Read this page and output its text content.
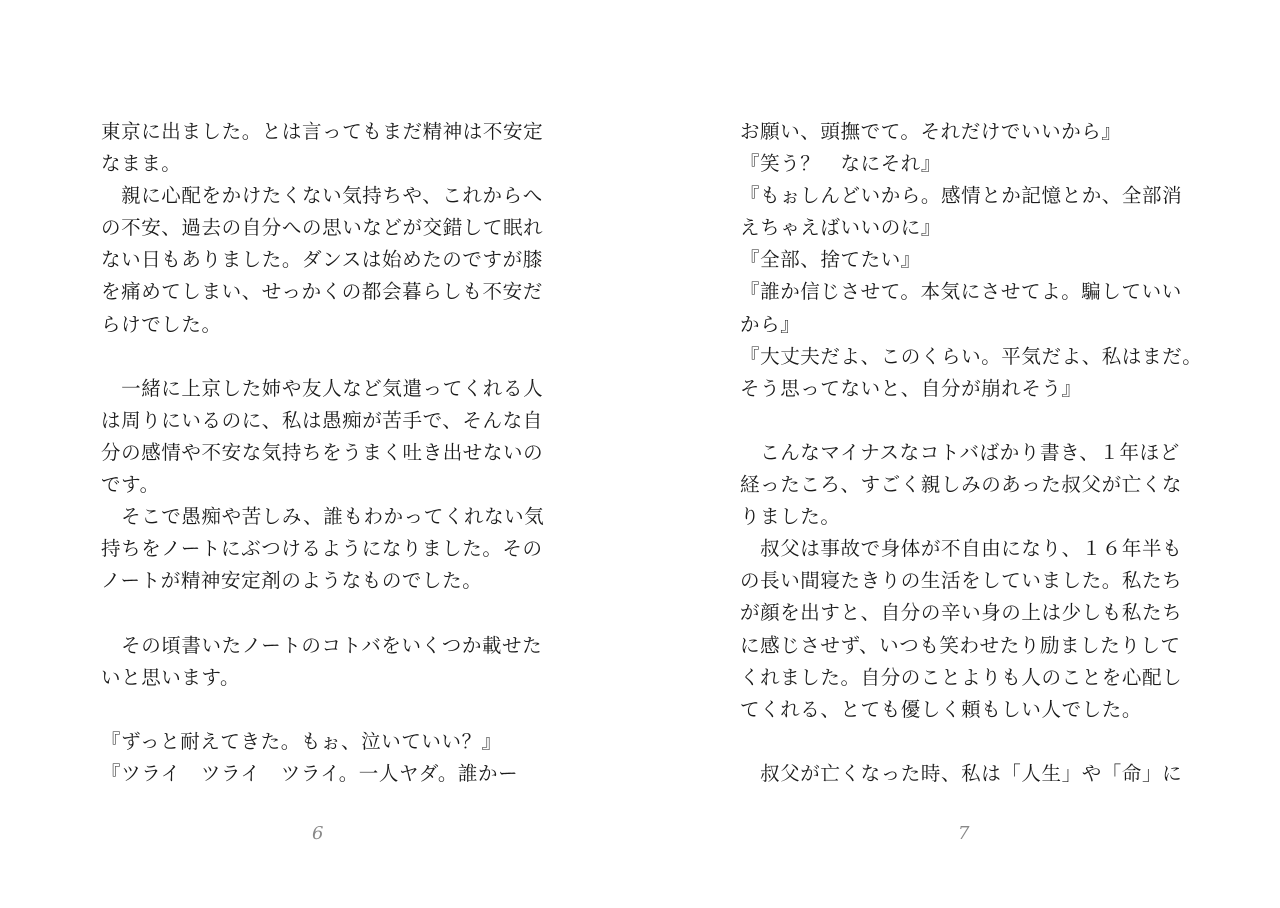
東京に出ました。とは言ってもまだ精神は不安定
なまま。
　親に心配をかけたくない気持ちや、これからへ
の不安、過去の自分への思いなどが交錯して眠れ
ない日もありました。ダンスは始めたのですが膝
を痛めてしまい、せっかくの都会暮らしも不安だ
らけでした。
　一緒に上京した姉や友人など気遣ってくれる人
は周りにいるのに、私は愚痴が苦手で、そんな自
分の感情や不安な気持ちをうまく吐き出せないの
です。
　そこで愚痴や苦しみ、誰もわかってくれない気
持ちをノートにぶつけるようになりました。その
ノートが精神安定剤のようなものでした。
　その頃書いたノートのコトバをいくつか載せた
いと思います。
『ずっと耐えてきた。もぉ、泣いていい？』
『ツライ　ツライ　ツライ。一人ヤダ。誰かー
6
お願い、頭撫でて。それだけでいいから』
『笑う？　なにそれ』
『もぉしんどいから。感情とか記憶とか、全部消
えちゃえばいいのに』
『全部、捨てたい』
『誰か信じさせて。本気にさせてよ。騙していい
から』
『大丈夫だよ、このくらい。平気だよ、私はまだ。
そう思ってないと、自分が崩れそう』
　こんなマイナスなコトバばかり書き、１年ほど
経ったころ、すごく親しみのあった叔父が亡くな
りました。
　叔父は事故で身体が不自由になり、１６年半も
の長い間寝たきりの生活をしていました。私たち
が顔を出すと、自分の辛い身の上は少しも私たち
に感じさせず、いつも笑わせたり励ましたりして
くれました。自分のことよりも人のことを心配し
てくれる、とても優しく頼もしい人でした。
　叔父が亡くなった時、私は「人生」や「命」に
7
